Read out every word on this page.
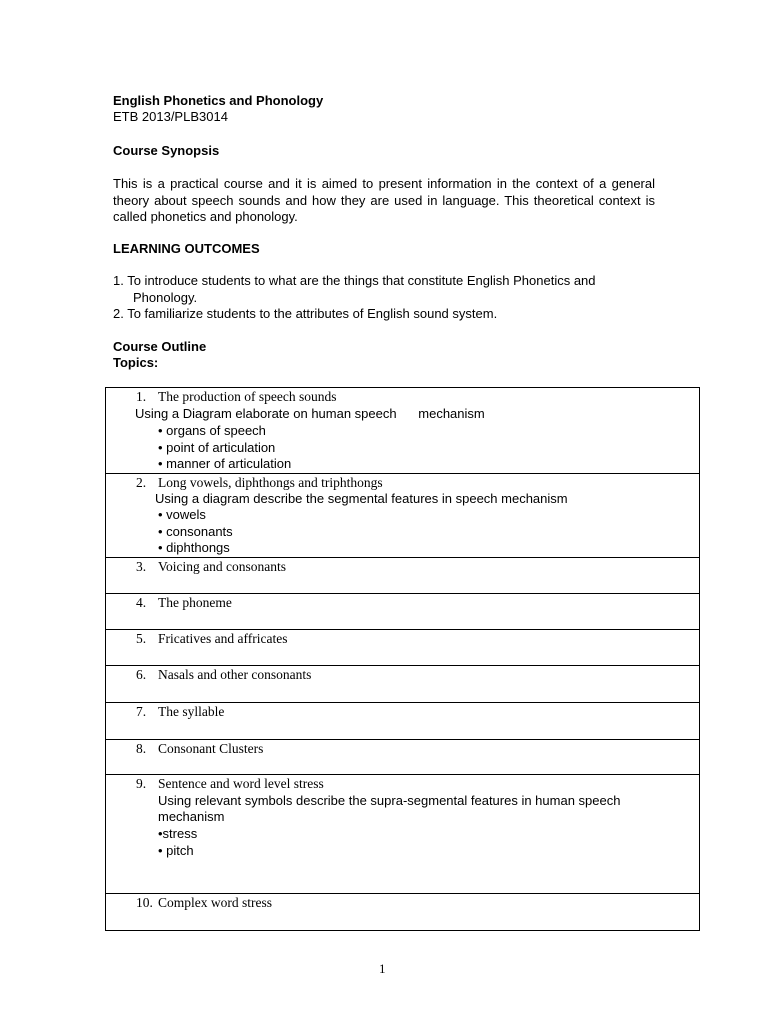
English Phonetics and Phonology
ETB 2013/PLB3014
Course Synopsis
This is a practical course and it is aimed to present information in the context of a general theory about speech sounds and how they are used in language. This theoretical context is called phonetics and phonology.
LEARNING OUTCOMES

1. To introduce students to what are the things that constitute English Phonetics and
Phonology.

2. To familiarize students to the attributes of English sound system.

Course Outline
Topics:
1. The production of speech sounds
Using a Diagram elaborate on human speech      mechanism
• organs of speech
• point of articulation
• manner of articulation
2. Long vowels, diphthongs and triphthongs
Using a diagram describe the segmental features in speech mechanism
• vowels
• consonants
• diphthongs
3. Voicing and consonants
4. The phoneme
5. Fricatives and affricates
6. Nasals and other consonants
7. The syllable
8. Consonant Clusters
9. Sentence and word level stress
Using relevant symbols describe the supra-segmental features in human speech
mechanism
•stress
• pitch
10. Complex word stress
1
